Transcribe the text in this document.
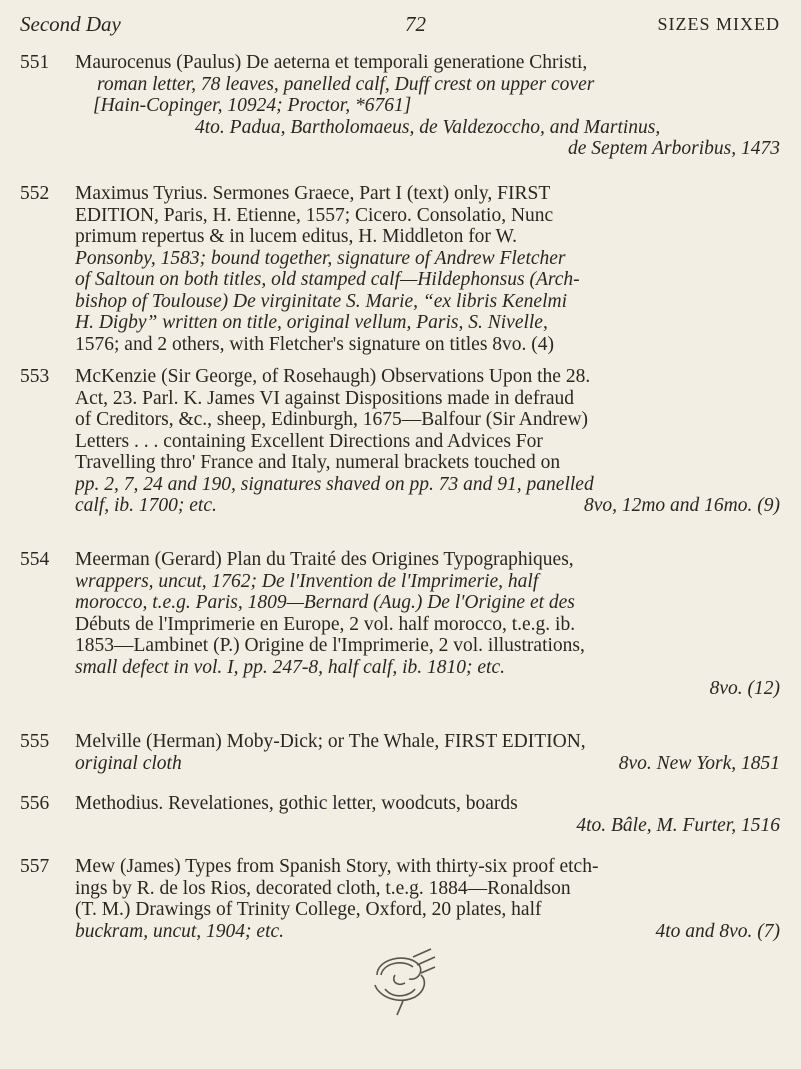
Second Day	72	SIZES MIXED
551	Maurocenus (Paulus) De aeterna et temporali generatione Christi,
roman letter, 78 leaves, panelled calf, Duff crest on upper cover
[Hain-Copinger, 10924; Proctor, *6761]
4to. Padua, Bartholomaeus, de Valdezoccho, and Martinus,
de Septem Arboribus, 1473
552	Maximus Tyrius. Sermones Graece, Part I (text) only, FIRST
EDITION, Paris, H. Etienne, 1557; Cicero. Consolatio, Nunc
primum repertus & in lucem editus, H. Middleton for W.
Ponsonby, 1583; bound together, signature of Andrew Fletcher
of Saltoun on both titles, old stamped calf—Hildephonsus (Arch-
bishop of Toulouse) De virginitate S. Marie, “ex libris Kenelmi
H. Digby” written on title, original vellum, Paris, S. Nivelle,
1576; and 2 others, with Fletcher's signature on titles 8vo. (4)
553	McKenzie (Sir George, of Rosehaugh) Observations Upon the 28.
Act, 23. Parl. K. James VI against Dispositions made in defraud
of Creditors, &c., sheep, Edinburgh, 1675—Balfour (Sir Andrew)
Letters . . . containing Excellent Directions and Advices For
Travelling thro' France and Italy, numeral brackets touched on
pp. 2, 7, 24 and 190, signatures shaved on pp. 73 and 91, panelled
calf, ib. 1700; etc.	8vo, 12mo and 16mo. (9)
554	Meerman (Gerard) Plan du Traité des Origines Typographiques,
wrappers, uncut, 1762; De l'Invention de l'Imprimerie, half
morocco, t.e.g. Paris, 1809—Bernard (Aug.) De l'Origine et des
Débuts de l'Imprimerie en Europe, 2 vol. half morocco, t.e.g. ib.
1853—Lambinet (P.) Origine de l'Imprimerie, 2 vol. illustrations,
small defect in vol. I, pp. 247-8, half calf, ib. 1810; etc.
8vo. (12)
555	Melville (Herman) Moby-Dick; or The Whale, FIRST EDITION,
original cloth	8vo. New York, 1851
556	Methodius. Revelationes, gothic letter, woodcuts, boards
4to. Bâle, M. Furter, 1516
557	Mew (James) Types from Spanish Story, with thirty-six proof etch-
ings by R. de los Rios, decorated cloth, t.e.g. 1884—Ronaldson
(T. M.) Drawings of Trinity College, Oxford, 20 plates, half
buckram, uncut, 1904; etc.	4to and 8vo. (7)
